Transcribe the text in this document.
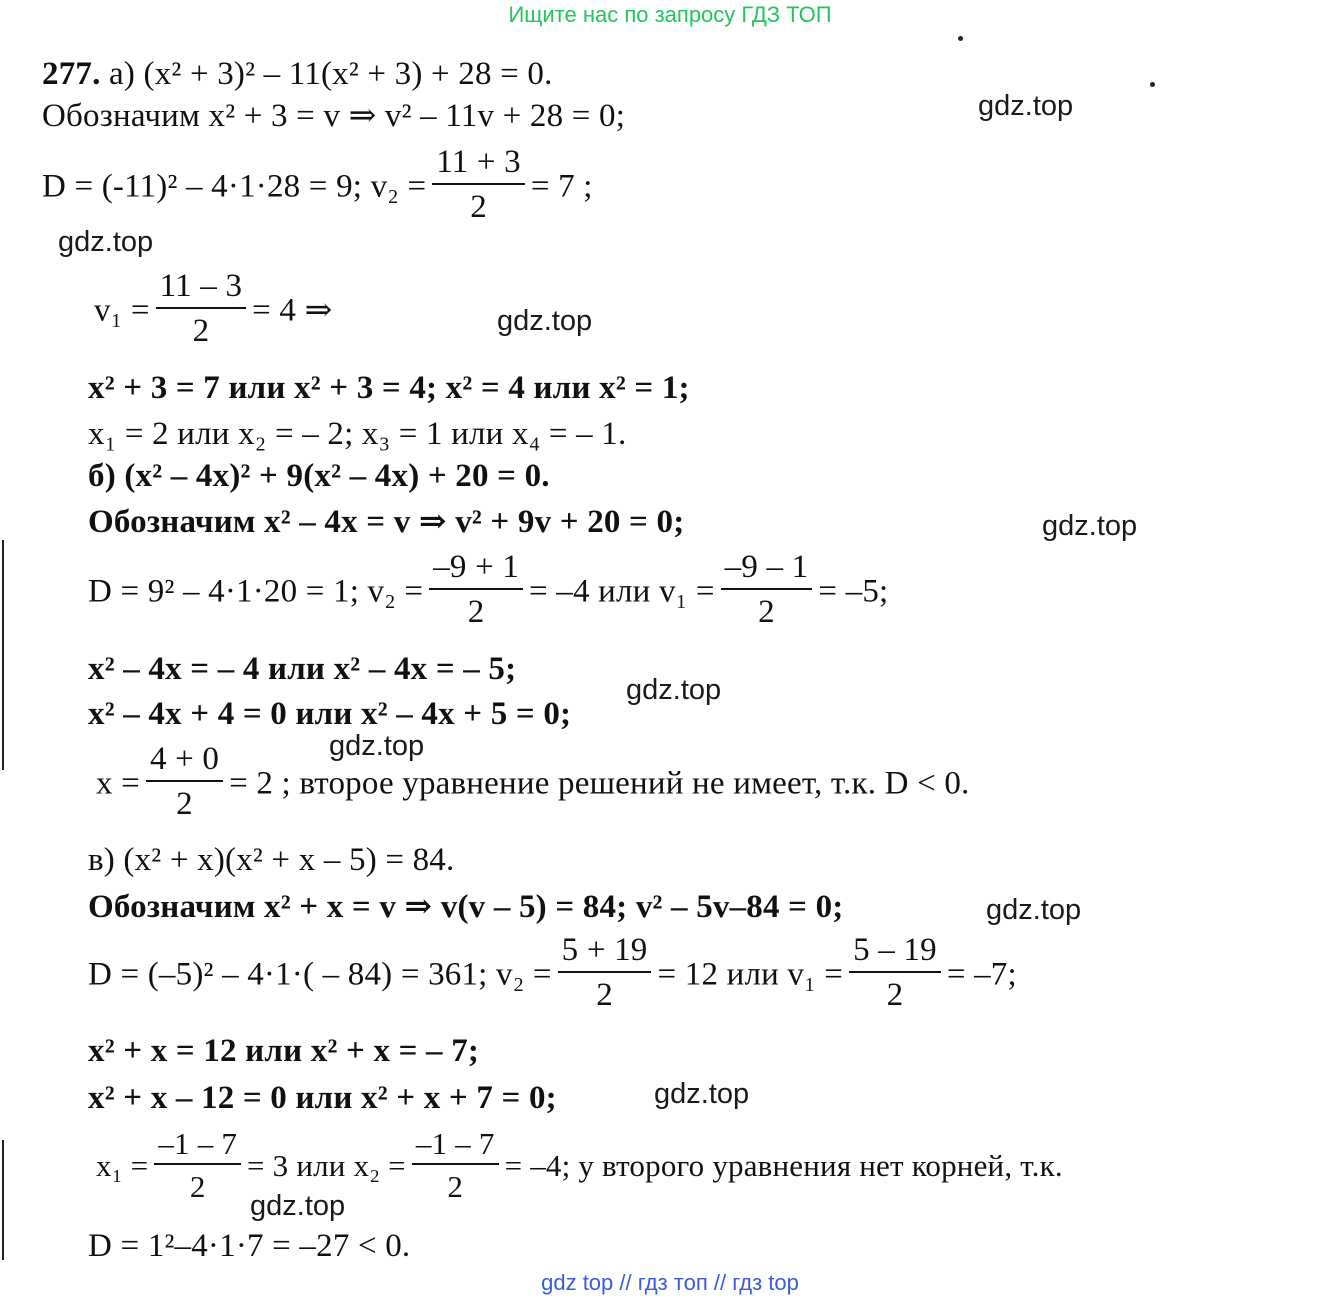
Ищите нас по запросу ГДЗ ТОП
277. а) (x² + 3)² – 11(x² + 3) + 28 = 0.
Обозначим x² + 3 = v ⇒ v² – 11v + 28 = 0;
D = (-11)² – 4·1·28 = 9; $v_2 = \frac{11 + 3}{2} = 7$ ;
$v_1 = \frac{11 - 3}{2} = 4$ ⇒
x² + 3 = 7 или x² + 3 = 4; x² = 4 или x² = 1;
x₁ = 2 или x₂ = – 2; x₃ = 1 или x₄ = – 1.
б) (x² – 4x)² + 9(x² – 4x) + 20 = 0.
Обозначим x² – 4x = v ⇒ v² + 9v + 20 = 0;
D = 9² – 4·1·20 = 1; $v_2 = \frac{-9 + 1}{2} = -4$ или $v_1 = \frac{-9 - 1}{2} = -5$;
x² – 4x = – 4 или x² – 4x = – 5;
x² – 4x + 4 = 0 или x² – 4x + 5 = 0;
$x = \frac{4 + 0}{2} = 2$ ; второе уравнение решений не имеет, т.к. D < 0.
в) (x² + x)(x² + x – 5) = 84.
Обозначим x² + x = v ⇒ v(v – 5) = 84; v² – 5v–84 = 0;
D = (–5)² – 4·1·( – 84) = 361; $v_2 = \frac{5 + 19}{2} = 12$ или $v_1 = \frac{5 - 19}{2} = -7$;
x² + x = 12 или x² + x = – 7;
x² + x – 12 = 0 или x² + x + 7 = 0;
$x_1 = \frac{-1 - 7}{2} = 3$ или $x_2 = \frac{-1 - 7}{2} = -4$; у второго уравнения нет корней, т.к.
D = 1²–4·1·7 = –27 < 0.
gdz.top
gdz.top
gdz.top
gdz.top
gdz.top
gdz.top
gdz.top
gdz.top
gdz.top
gdz top // гдз топ // гдз top
